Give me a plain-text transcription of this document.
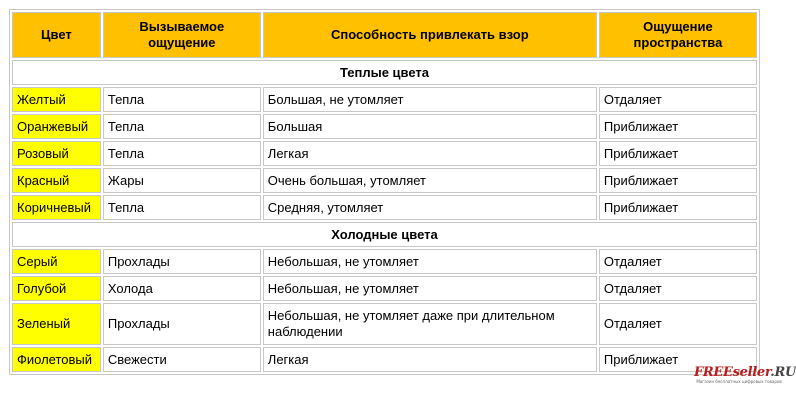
Цвет	Вызываемое ощущение	Способность привлекать взор	Ощущение пространства
Теплые цвета			
Желтый	Тепла	Большая, не утомляет	Отдаляет
Оранжевый	Тепла	Большая	Приближает
Розовый	Тепла	Легкая	Приближает
Красный	Жары	Очень большая, утомляет	Приближает
Коричневый	Тепла	Средняя, утомляет	Приближает
Холодные цвета			
Серый	Прохлады	Небольшая, не утомляет	Отдаляет
Голубой	Холода	Небольшая, не утомляет	Отдаляет
Зеленый	Прохлады	Небольшая, не утомляет даже при длительном наблюдении	Отдаляет
Фиолетовый	Свежести	Легкая	Приближает
FREEseller.RU
Магазин бесплатных цифровых товаров
